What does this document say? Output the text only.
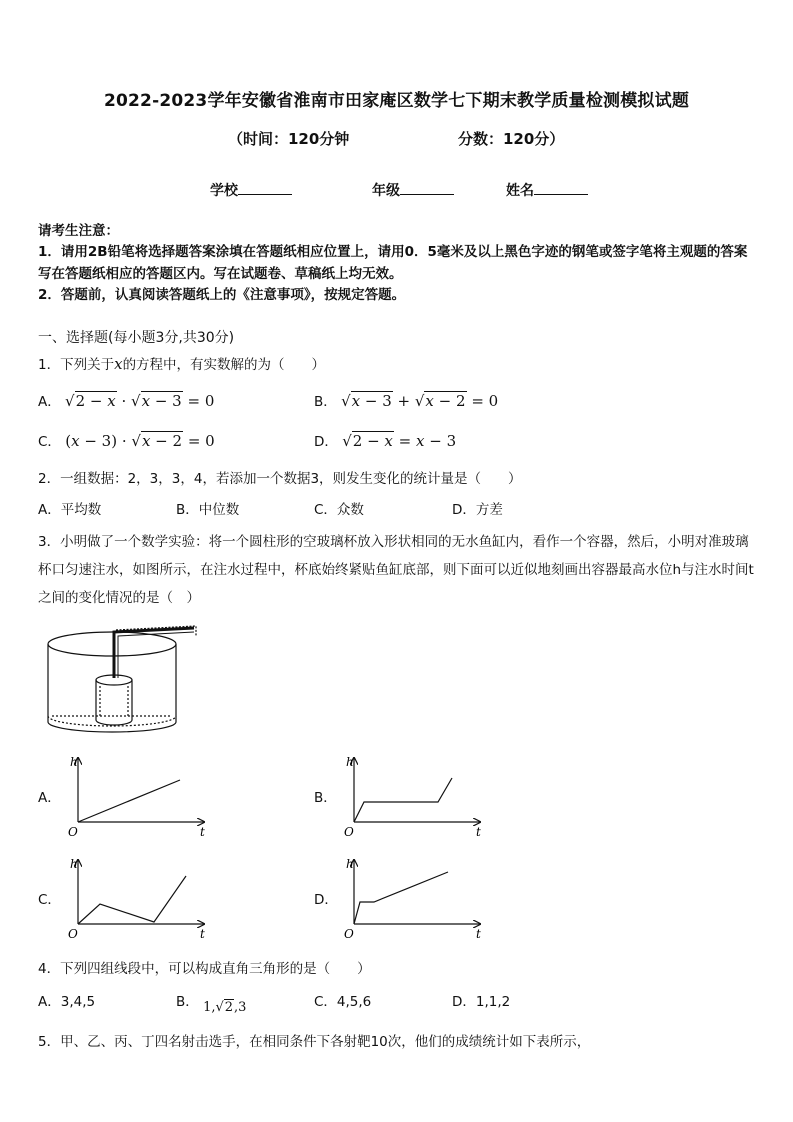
2022-2023学年安徽省淮南市田家庵区数学七下期末教学质量检测模拟试题
（时间：120分钟	分数：120分）
学校	年级	姓名
请考生注意：
1．请用2B铅笔将选择题答案涂填在答题纸相应位置上，请用0．5毫米及以上黑色字迹的钢笔或签字笔将主观题的答案写在答题纸相应的答题区内。写在试题卷、草稿纸上均无效。
2．答题前，认真阅读答题纸上的《注意事项》，按规定答题。
一、选择题(每小题3分,共30分)
1．下列关于x的方程中，有实数解的为（　　）
A． √2 − x · √x − 3 = 0	B． √x − 3 + √x − 2 = 0
C． (x − 3) · √x − 2 = 0	D． √2 − x = x − 3
2．一组数据：2，3，3，4，若添加一个数据3，则发生变化的统计量是（　　）
A．平均数	B．中位数	C．众数	D．方差
3．小明做了一个数学实验：将一个圆柱形的空玻璃杯放入形状相同的无水鱼缸内，看作一个容器，然后，小明对准玻璃杯口匀速注水，如图所示，在注水过程中，杯底始终紧贴鱼缸底部，则下面可以近似地刻画出容器最高水位h与注水时间t之间的变化情况的是（　）
A．
h
t
O
B．
h
t
O
C．
h
t
O
D．
h
t
O
4．下列四组线段中，可以构成直角三角形的是（　　）
A．3,4,5	B． 1,√2,3	C．4,5,6	D．1,1,2
5．甲、乙、丙、丁四名射击选手，在相同条件下各射靶10次，他们的成绩统计如下表所示，
